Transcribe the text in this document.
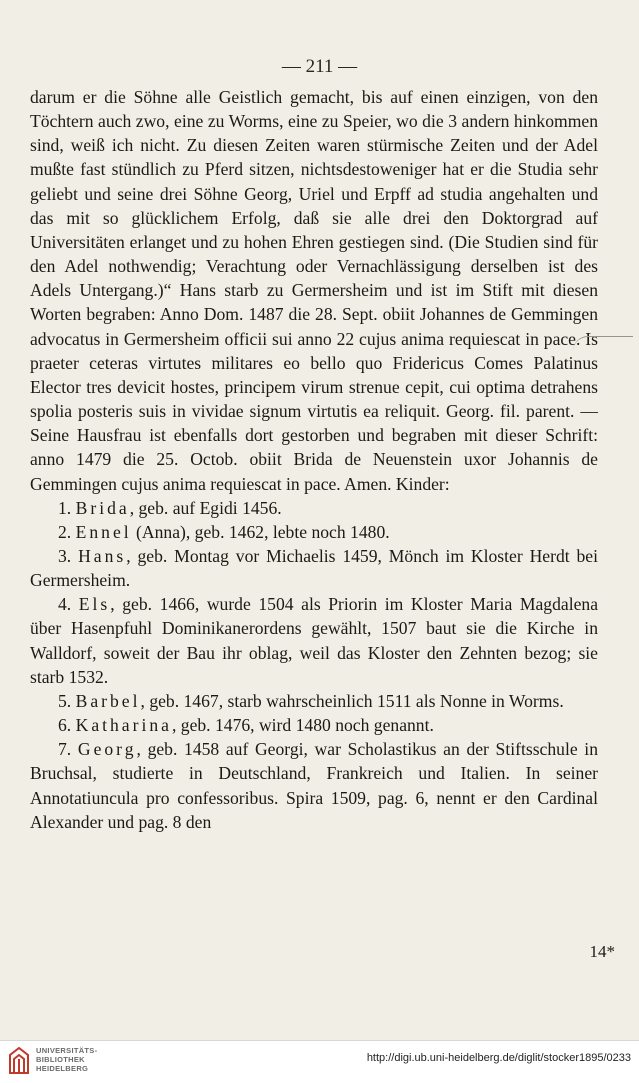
— 211 —

darum er die Söhne alle Geistlich gemacht, bis auf einen einzigen, von den Töchtern auch zwo, eine zu Worms, eine zu Speier, wo die 3 andern hinkommen sind, weiß ich nicht. Zu diesen Zeiten waren stürmische Zeiten und der Adel mußte fast stündlich zu Pferd sitzen, nichtsdestoweniger hat er die Studia sehr geliebt und seine drei Söhne Georg, Uriel und Erpff ad studia angehalten und das mit so glücklichem Erfolg, daß sie alle drei den Doktorgrad auf Universitäten erlanget und zu hohen Ehren gestiegen sind. (Die Studien sind für den Adel nothwendig; Verachtung oder Vernachlässigung derselben ist des Adels Untergang.)“ Hans starb zu Germersheim und ist im Stift mit diesen Worten begraben: Anno Dom. 1487 die 28. Sept. obiit Johannes de Gemmingen advocatus in Germersheim officii sui anno 22 cujus anima requiescat in pace. Is praeter ceteras virtutes militares eo bello quo Fridericus Comes Palatinus Elector tres devicit hostes, principem virum strenue cepit, cui optima detrahens spolia posteris suis in vividae signum virtutis ea reliquit. Georg. fil. parent. — Seine Hausfrau ist ebenfalls dort gestorben und begraben mit dieser Schrift: anno 1479 die 25. Octob. obiit Brida de Neuenstein uxor Johannis de Gemmingen cujus anima requiescat in pace. Amen. Kinder:

1. Brida, geb. auf Egidi 1456.

2. Ennel (Anna), geb. 1462, lebte noch 1480.

3. Hans, geb. Montag vor Michaelis 1459, Mönch im Kloster Herdt bei Germersheim.

4. Els, geb. 1466, wurde 1504 als Priorin im Kloster Maria Magdalena über Hasenpfuhl Dominikanerordens gewählt, 1507 baut sie die Kirche in Walldorf, soweit der Bau ihr oblag, weil das Kloster den Zehnten bezog; sie starb 1532.

5. Barbel, geb. 1467, starb wahrscheinlich 1511 als Nonne in Worms.

6. Katharina, geb. 1476, wird 1480 noch genannt.

7. Georg, geb. 1458 auf Georgi, war Scholastikus an der Stiftsschule in Bruchsal, studierte in Deutschland, Frankreich und Italien. In seiner Annotatiuncula pro confessoribus. Spira 1509, pag. 6, nennt er den Cardinal Alexander und pag. 8 den

14*
UNIVERSITÄTS-
BIBLIOTHEK
HEIDELBERG
http://digi.ub.uni-heidelberg.de/diglit/stocker1895/0233
